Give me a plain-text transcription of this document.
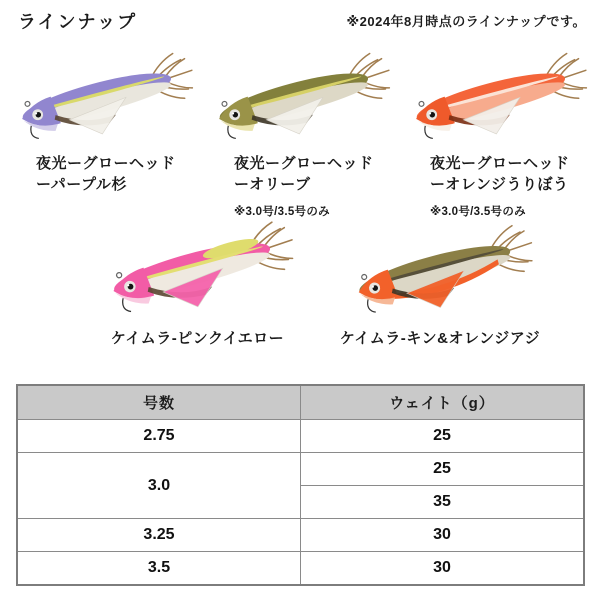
ラインナップ	※2024年8月時点のラインナップです。
夜光ーグローヘッド
ーパープル杉
夜光ーグローヘッド
ーオリーブ
※3.0号/3.5号のみ
夜光ーグローヘッド
ーオレンジうりぼう
※3.0号/3.5号のみ
ケイムラ-ピンクイエロー	ケイムラ-キン&オレンジアジ
号数	ウェイト（g）
2.75	25
3.0	25
	35
3.25	30
3.5	30
